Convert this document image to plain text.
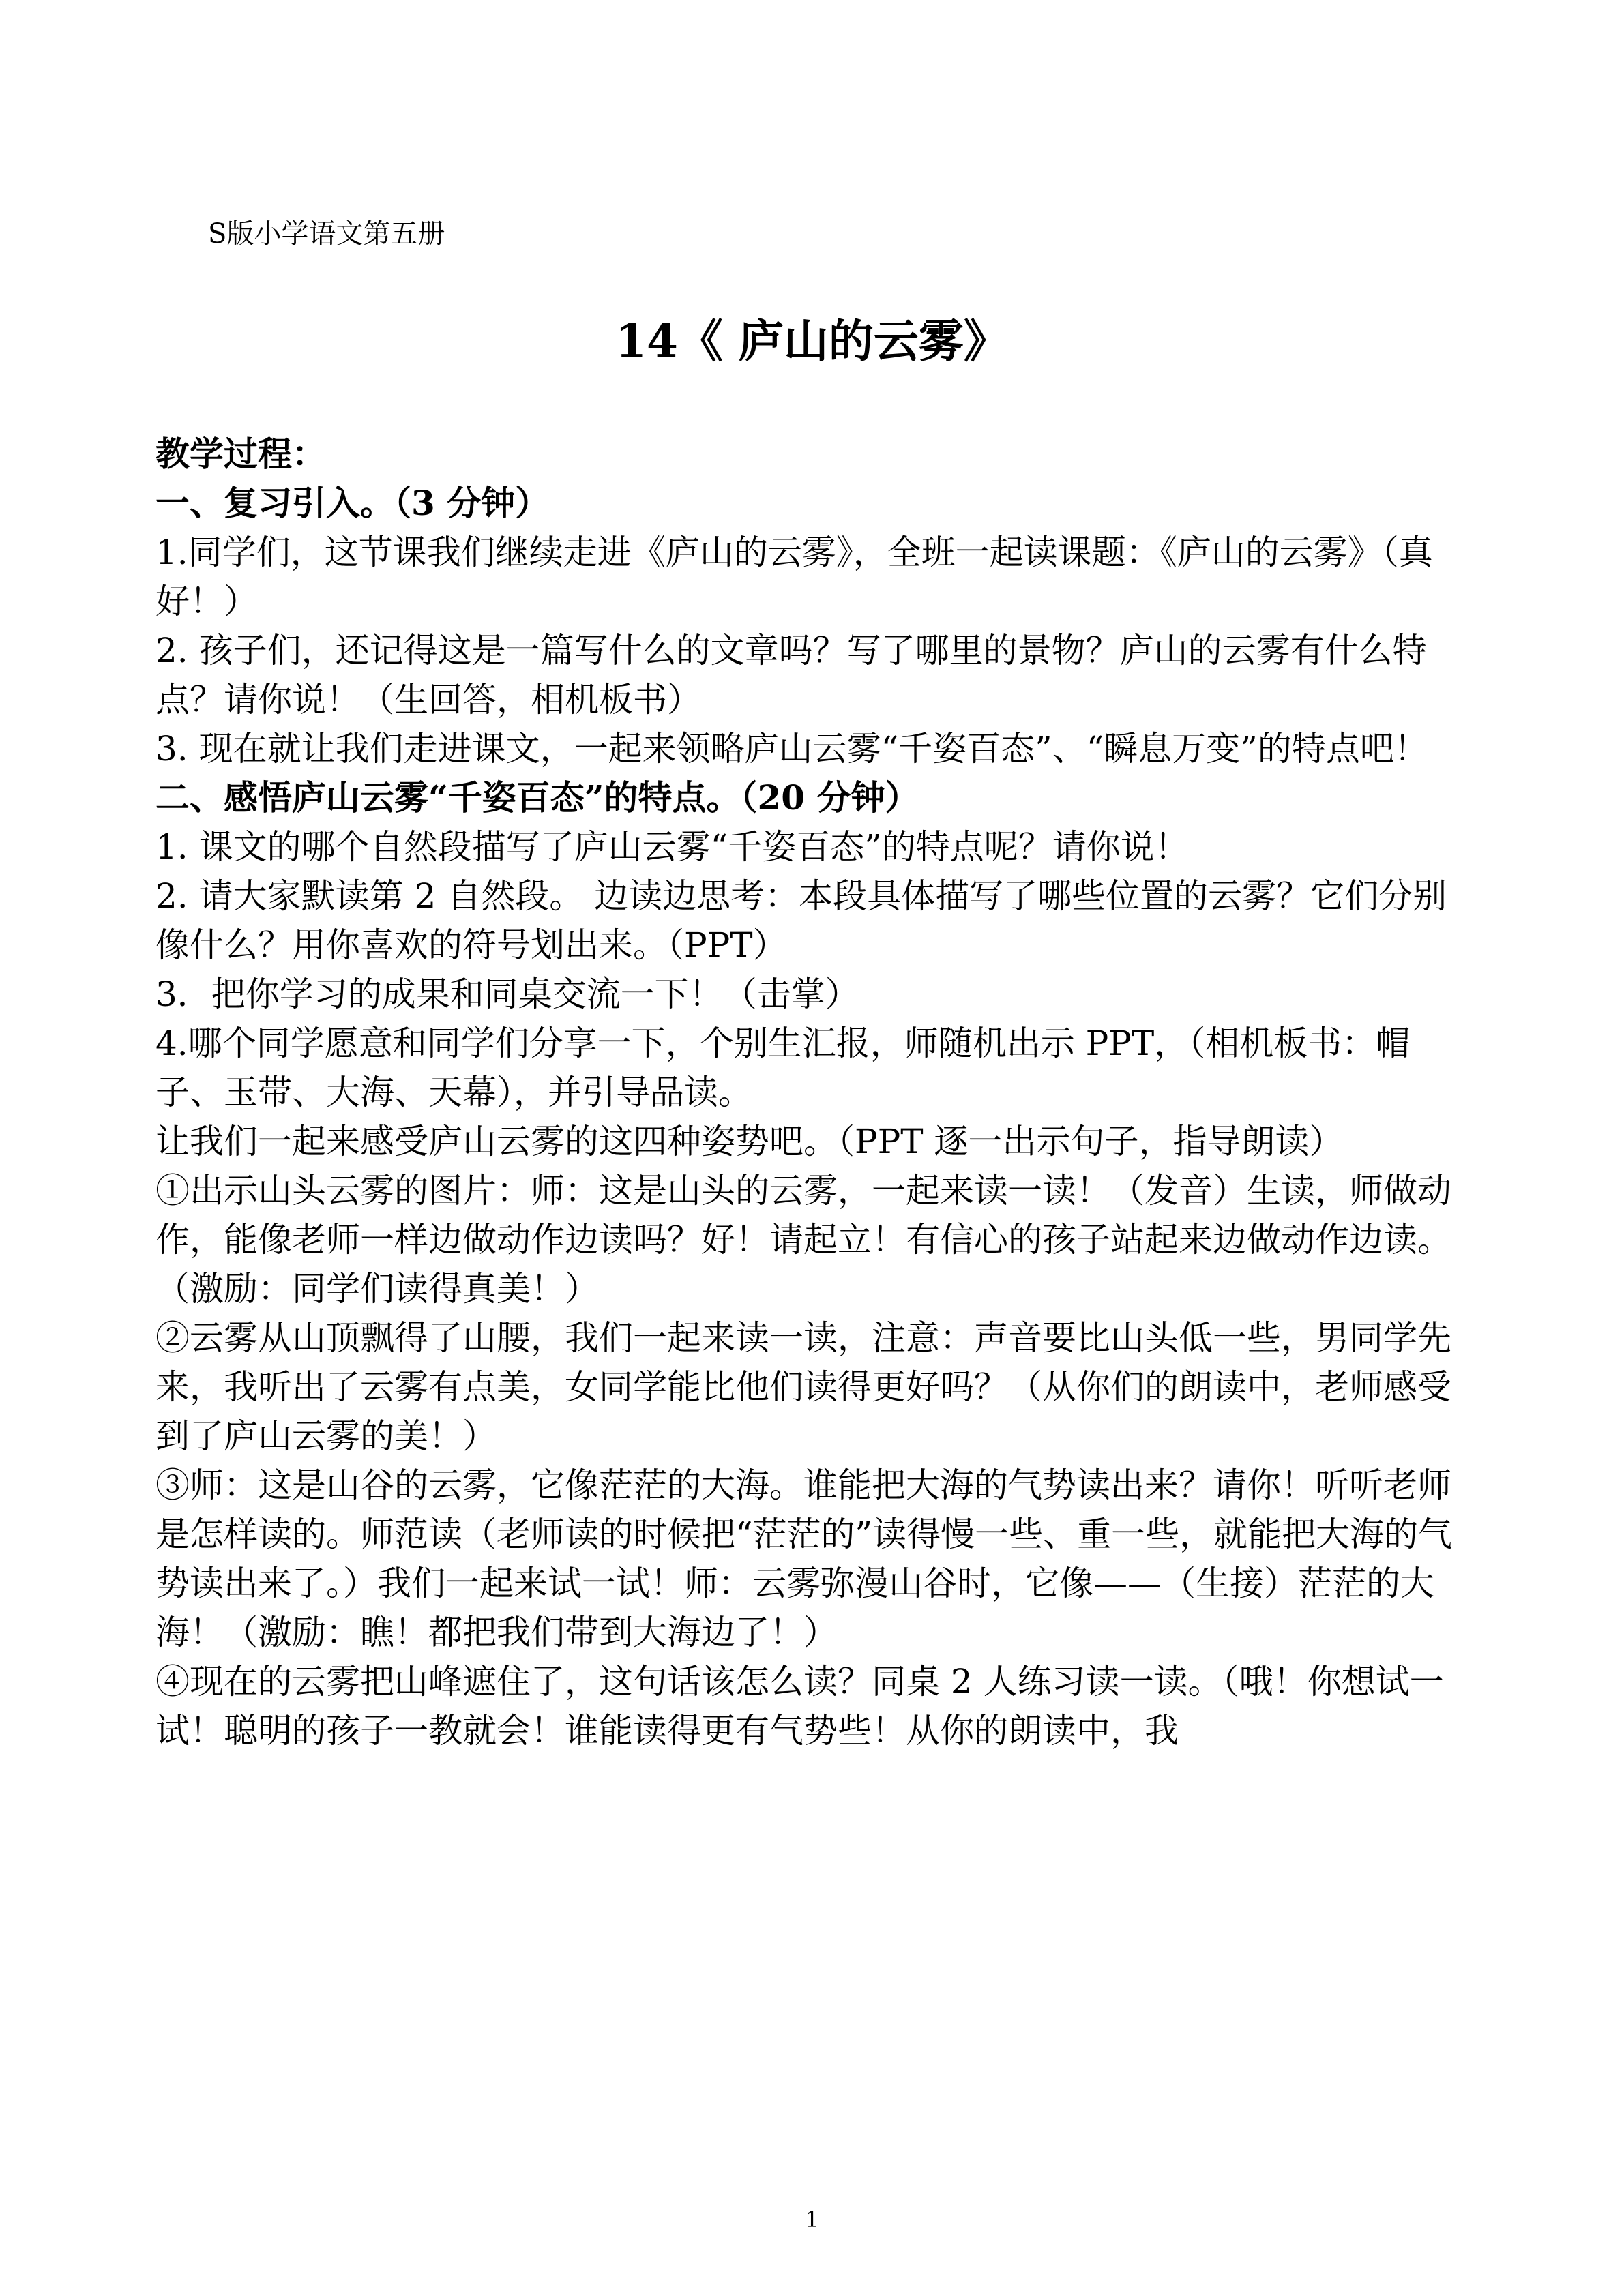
S版小学语文第五册
14《 庐山的云雾》

教学过程：

一、复习引入。（3 分钟）

1.同学们，这节课我们继续走进《庐山的云雾》，全班一起读课题：《庐山的云雾》（真好！）

2. 孩子们，还记得这是一篇写什么的文章吗？写了哪里的景物？庐山的云雾有什么特点？请你说！（生回答，相机板书）

3. 现在就让我们走进课文，一起来领略庐山云雾“千姿百态”、“瞬息万变”的特点吧！

二、感悟庐山云雾“千姿百态”的特点。（20 分钟）

1. 课文的哪个自然段描写了庐山云雾“千姿百态”的特点呢？请你说！

2. 请大家默读第 2 自然段。 边读边思考：本段具体描写了哪些位置的云雾？它们分别像什么？用你喜欢的符号划出来。（PPT）

3．把你学习的成果和同桌交流一下！（击掌）

4.哪个同学愿意和同学们分享一下，个别生汇报，师随机出示 PPT，（相机板书：帽子、玉带、大海、天幕），并引导品读。

让我们一起来感受庐山云雾的这四种姿势吧。（PPT 逐一出示句子，指导朗读）

①出示山头云雾的图片：师：这是山头的云雾，一起来读一读！（发音）生读，师做动作，能像老师一样边做动作边读吗？好！请起立！有信心的孩子站起来边做动作边读。（激励：同学们读得真美！）

②云雾从山顶飘得了山腰，我们一起来读一读，注意：声音要比山头低一些，男同学先来，我听出了云雾有点美，女同学能比他们读得更好吗？（从你们的朗读中，老师感受到了庐山云雾的美！）

③师：这是山谷的云雾，它像茫茫的大海。谁能把大海的气势读出来？请你！听听老师是怎样读的。师范读（老师读的时候把“茫茫的”读得慢一些、重一些，就能把大海的气势读出来了。）我们一起来试一试！师：云雾弥漫山谷时，它像——（生接）茫茫的大海！（激励：瞧！都把我们带到大海边了！）

④现在的云雾把山峰遮住了，这句话该怎么读？同桌 2 人练习读一读。（哦！你想试一试！聪明的孩子一教就会！谁能读得更有气势些！从你的朗读中，我

1
